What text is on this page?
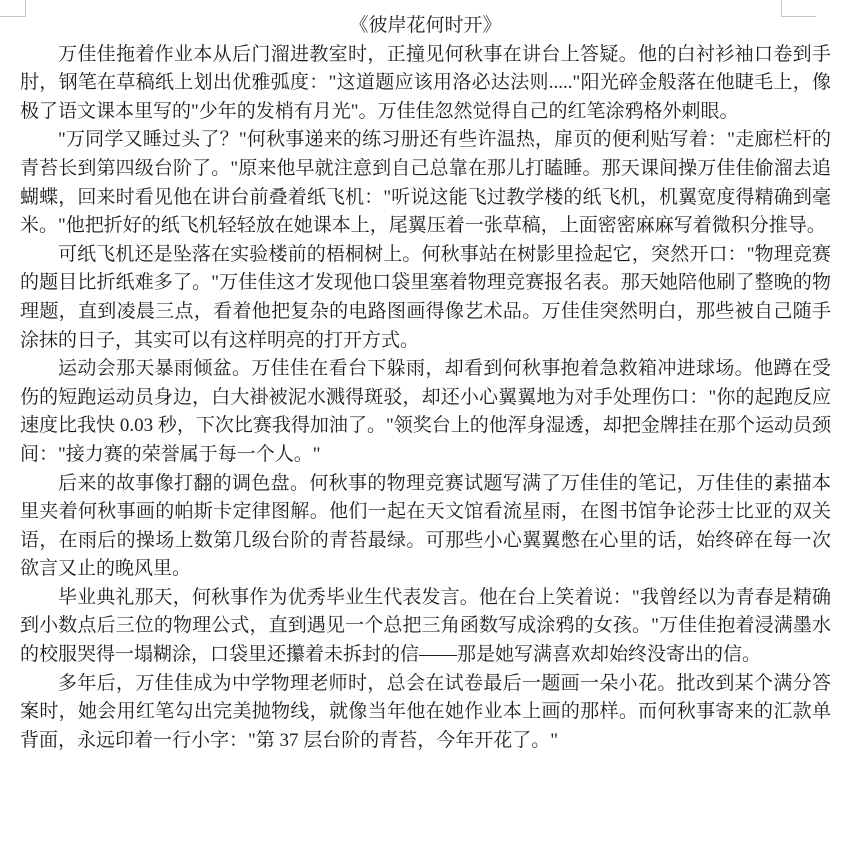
《彼岸花何时开》

万佳佳拖着作业本从后门溜进教室时，正撞见何秋事在讲台上答疑。他的白衬衫袖口卷到手肘，钢笔在草稿纸上划出优雅弧度："这道题应该用洛必达法则....."阳光碎金般落在他睫毛上，像极了语文课本里写的"少年的发梢有月光"。万佳佳忽然觉得自己的红笔涂鸦格外刺眼。

"万同学又睡过头了？"何秋事递来的练习册还有些许温热，扉页的便利贴写着："走廊栏杆的青苔长到第四级台阶了。"原来他早就注意到自己总靠在那儿打瞌睡。那天课间操万佳佳偷溜去追蝴蝶，回来时看见他在讲台前叠着纸飞机："听说这能飞过教学楼的纸飞机，机翼宽度得精确到毫米。"他把折好的纸飞机轻轻放在她课本上，尾翼压着一张草稿，上面密密麻麻写着微积分推导。

可纸飞机还是坠落在实验楼前的梧桐树上。何秋事站在树影里捡起它，突然开口："物理竞赛的题目比折纸难多了。"万佳佳这才发现他口袋里塞着物理竞赛报名表。那天她陪他刷了整晚的物理题，直到凌晨三点，看着他把复杂的电路图画得像艺术品。万佳佳突然明白，那些被自己随手涂抹的日子，其实可以有这样明亮的打开方式。

运动会那天暴雨倾盆。万佳佳在看台下躲雨，却看到何秋事抱着急救箱冲进球场。他蹲在受伤的短跑运动员身边，白大褂被泥水溅得斑驳，却还小心翼翼地为对手处理伤口："你的起跑反应速度比我快 0.03 秒，下次比赛我得加油了。"领奖台上的他浑身湿透，却把金牌挂在那个运动员颈间："接力赛的荣誉属于每一个人。"

后来的故事像打翻的调色盘。何秋事的物理竞赛试题写满了万佳佳的笔记，万佳佳的素描本里夹着何秋事画的帕斯卡定律图解。他们一起在天文馆看流星雨，在图书馆争论莎士比亚的双关语，在雨后的操场上数第几级台阶的青苔最绿。可那些小心翼翼憋在心里的话，始终碎在每一次欲言又止的晚风里。

毕业典礼那天，何秋事作为优秀毕业生代表发言。他在台上笑着说："我曾经以为青春是精确到小数点后三位的物理公式，直到遇见一个总把三角函数写成涂鸦的女孩。"万佳佳抱着浸满墨水的校服哭得一塌糊涂，口袋里还攥着未拆封的信——那是她写满喜欢却始终没寄出的信。

多年后，万佳佳成为中学物理老师时，总会在试卷最后一题画一朵小花。批改到某个满分答案时，她会用红笔勾出完美抛物线，就像当年他在她作业本上画的那样。而何秋事寄来的汇款单背面，永远印着一行小字："第 37 层台阶的青苔，今年开花了。"
